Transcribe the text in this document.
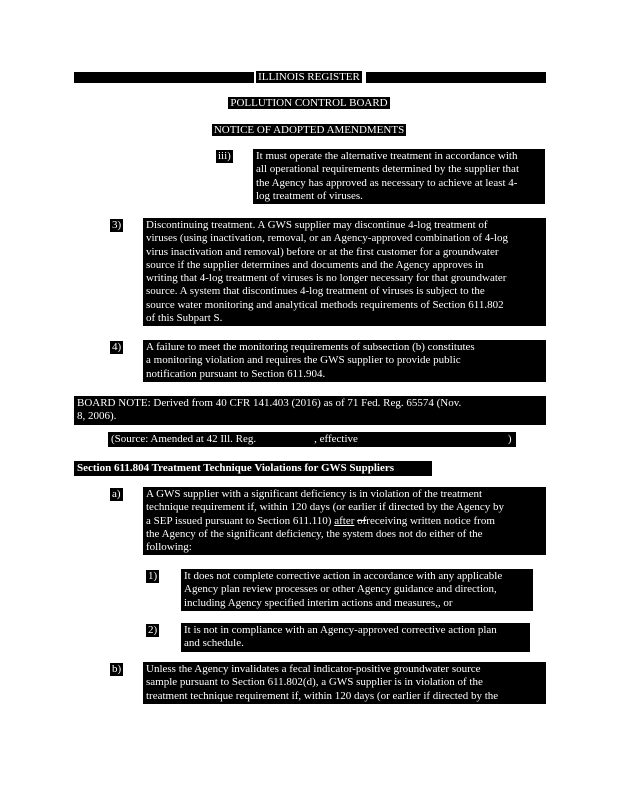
ILLINOIS REGISTER
POLLUTION CONTROL BOARD
NOTICE OF ADOPTED AMENDMENTS
iii) It must operate the alternative treatment in accordance with
all operational requirements determined by the supplier that
the Agency has approved as necessary to achieve at least 4-
log treatment of viruses.
3) Discontinuing treatment. A GWS supplier may discontinue 4-log treatment of
viruses (using inactivation, removal, or an Agency-approved combination of 4-log
virus inactivation and removal) before or at the first customer for a groundwater
source if the supplier determines and documents and the Agency approves in
writing that 4-log treatment of viruses is no longer necessary for that groundwater
source. A system that discontinues 4-log treatment of viruses is subject to the
source water monitoring and analytical methods requirements of Section 611.802
of this Subpart S.
4) A failure to meet the monitoring requirements of subsection (b) constitutes
a monitoring violation and requires the GWS supplier to provide public
notification pursuant to Section 611.904.
BOARD NOTE: Derived from 40 CFR 141.403 (2016) as of 71 Fed. Reg. 65574 (Nov.
8, 2006).
(Source: Amended at 42 Ill. Reg.	, effective	)
Section 611.804 Treatment Technique Violations for GWS Suppliers
a) A GWS supplier with a significant deficiency is in violation of the treatment
technique requirement if, within 120 days (or earlier if directed by the Agency by
a SEP issued pursuant to Section 611.110) after ofreceiving written notice from
the Agency of the significant deficiency, the system does not do either of the
following:
1) It does not complete corrective action in accordance with any applicable
Agency plan review processes or other Agency guidance and direction,
including Agency specified interim actions and measures,, or
2) It is not in compliance with an Agency-approved corrective action plan
and schedule.
b) Unless the Agency invalidates a fecal indicator-positive groundwater source
sample pursuant to Section 611.802(d), a GWS supplier is in violation of the
treatment technique requirement if, within 120 days (or earlier if directed by the
